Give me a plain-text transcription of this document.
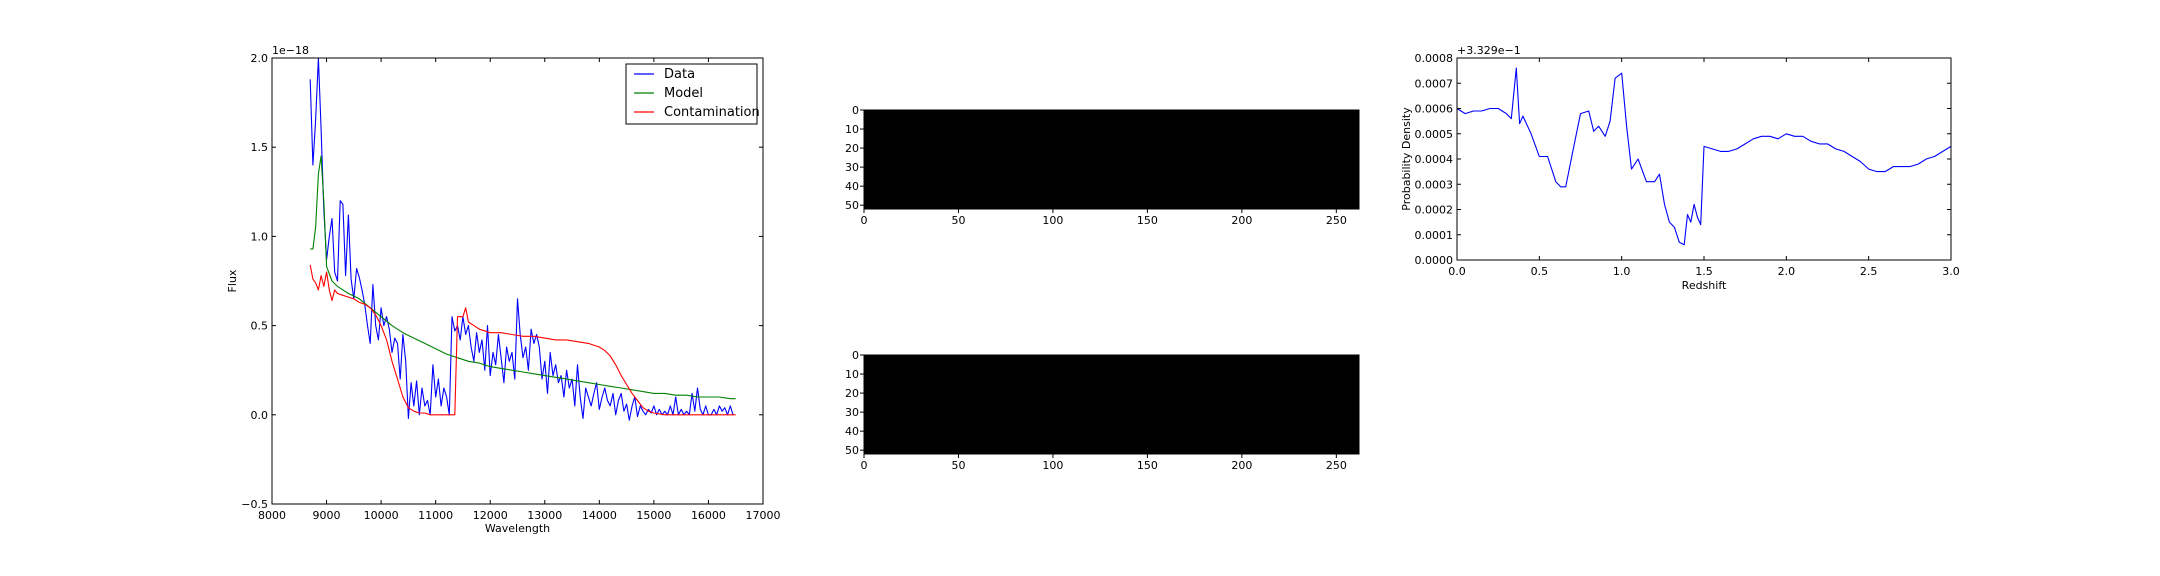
8000 9000 10000 11000 12000 13000 14000 15000 16000 17000
−0.5
0.0
0.5
1.0
1.5
2.0
1e−18
Wavelength
Flux
Data
Model
Contamination
0	50	100	150	200	250
0
10
20
30
40
50
0	50	100	150	200	250
0
10
20
30
40
50
0.0	0.5	1.0	1.5	2.0	2.5	3.0
0.0000
0.0001
0.0002
0.0003
0.0004
0.0005
0.0006
0.0007
0.0008
+3.329e−1
Redshift
Probability Density
